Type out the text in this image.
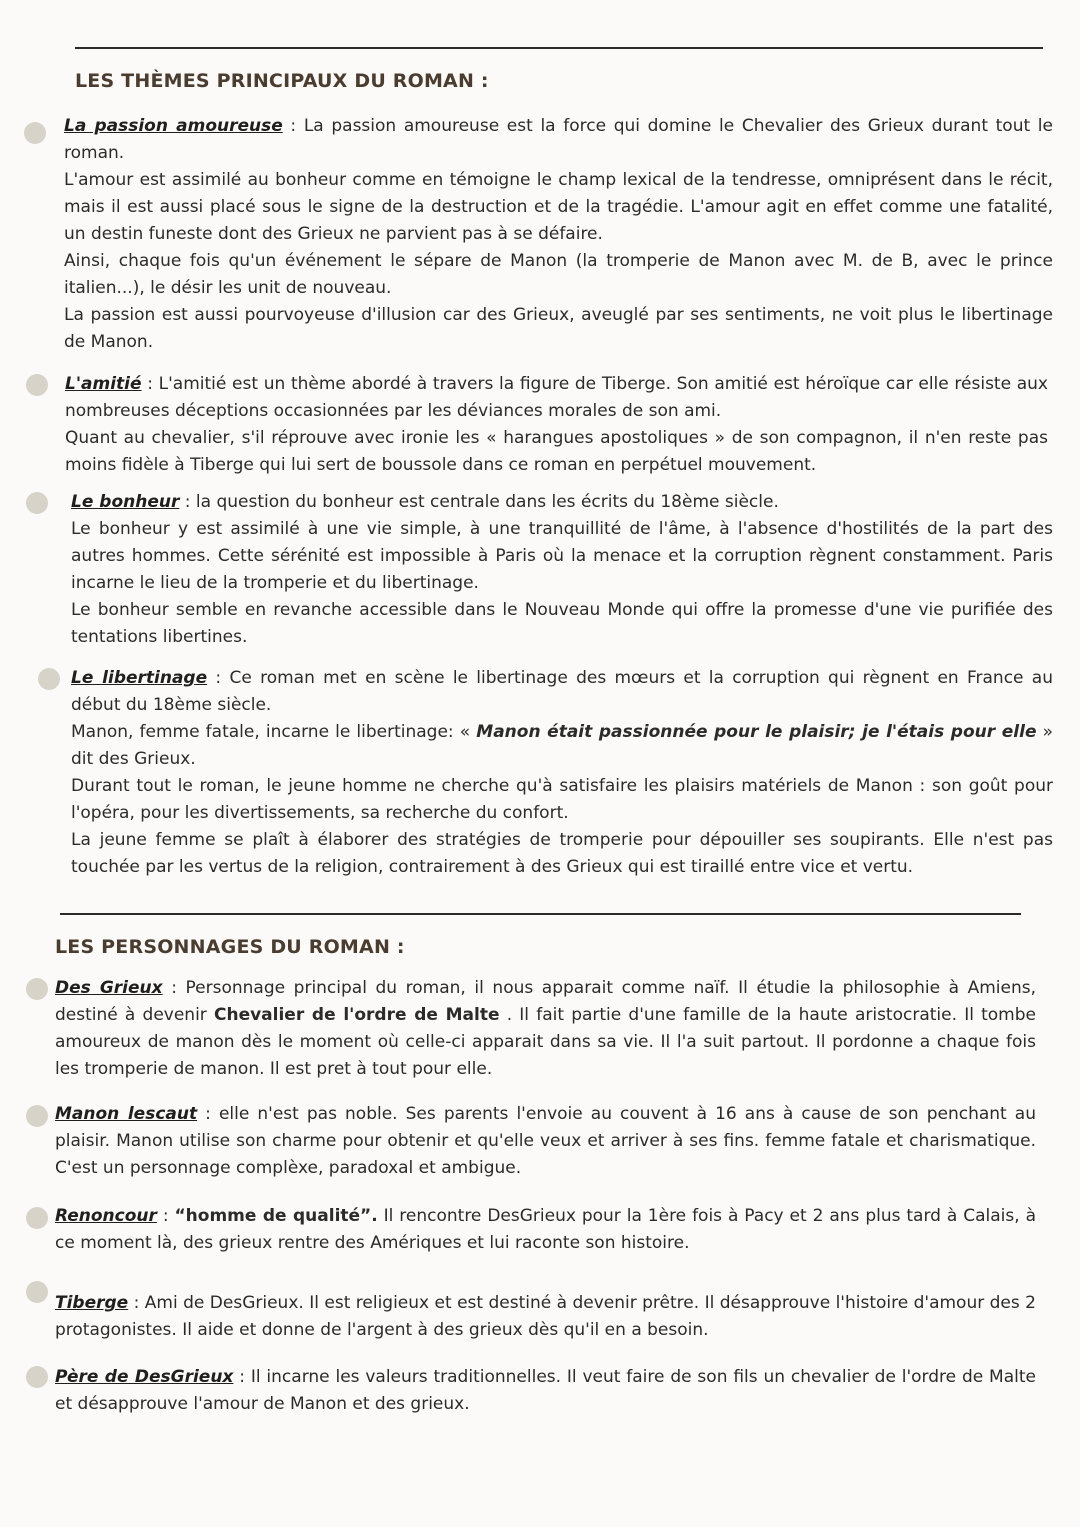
LES THÈMES PRINCIPAUX DU ROMAN :

La passion amoureuse : La passion amoureuse est la force qui domine le Chevalier des Grieux durant tout le roman.

L'amour est assimilé au bonheur comme en témoigne le champ lexical de la tendresse, omniprésent dans le récit, mais il est aussi placé sous le signe de la destruction et de la tragédie. L'amour agit en effet comme une fatalité, un destin funeste dont des Grieux ne parvient pas à se défaire.

Ainsi, chaque fois qu'un événement le sépare de Manon (la tromperie de Manon avec M. de B, avec le prince italien...), le désir les unit de nouveau.

La passion est aussi pourvoyeuse d'illusion car des Grieux, aveuglé par ses sentiments, ne voit plus le libertinage de Manon.

L'amitié : L'amitié est un thème abordé à travers la figure de Tiberge. Son amitié est héroïque car elle résiste aux nombreuses déceptions occasionnées par les déviances morales de son ami.

Quant au chevalier, s'il réprouve avec ironie les « harangues apostoliques » de son compagnon, il n'en reste pas moins fidèle à Tiberge qui lui sert de boussole dans ce roman en perpétuel mouvement.

Le bonheur : la question du bonheur est centrale dans les écrits du 18ème siècle.

Le bonheur y est assimilé à une vie simple, à une tranquillité de l'âme, à l'absence d'hostilités de la part des autres hommes. Cette sérénité est impossible à Paris où la menace et la corruption règnent constamment. Paris incarne le lieu de la tromperie et du libertinage.

Le bonheur semble en revanche accessible dans le Nouveau Monde qui offre la promesse d'une vie purifiée des tentations libertines.

Le libertinage : Ce roman met en scène le libertinage des mœurs et la corruption qui règnent en France au début du 18ème siècle.

Manon, femme fatale, incarne le libertinage: « Manon était passionnée pour le plaisir; je l'étais pour elle » dit des Grieux.

Durant tout le roman, le jeune homme ne cherche qu'à satisfaire les plaisirs matériels de Manon : son goût pour l'opéra, pour les divertissements, sa recherche du confort.

La jeune femme se plaît à élaborer des stratégies de tromperie pour dépouiller ses soupirants. Elle n'est pas touchée par les vertus de la religion, contrairement à des Grieux qui est tiraillé entre vice et vertu.

LES PERSONNAGES DU ROMAN :

Des Grieux : Personnage principal du roman, il nous apparait comme naïf. Il étudie la philosophie à Amiens, destiné à devenir Chevalier de l'ordre de Malte . Il fait partie d'une famille de la haute aristocratie. Il tombe amoureux de manon dès le moment où celle-ci apparait dans sa vie. Il l'a suit partout. Il pordonne a chaque fois les tromperie de manon. Il est pret à tout pour elle.

Manon lescaut : elle n'est pas noble. Ses parents l'envoie au couvent à 16 ans à cause de son penchant au plaisir. Manon utilise son charme pour obtenir et qu'elle veux et arriver à ses fins. femme fatale et charismatique. C'est un personnage complèxe, paradoxal et ambigue.

Renoncour : “homme de qualité”. Il rencontre DesGrieux pour la 1ère fois à Pacy et 2 ans plus tard à Calais, à ce moment là, des grieux rentre des Amériques et lui raconte son histoire.

Tiberge : Ami de DesGrieux. Il est religieux et est destiné à devenir prêtre. Il désapprouve l'histoire d'amour des 2 protagonistes. Il aide et donne de l'argent à des grieux dès qu'il en a besoin.

Père de DesGrieux : Il incarne les valeurs traditionnelles. Il veut faire de son fils un chevalier de l'ordre de Malte et désapprouve l'amour de Manon et des grieux.
